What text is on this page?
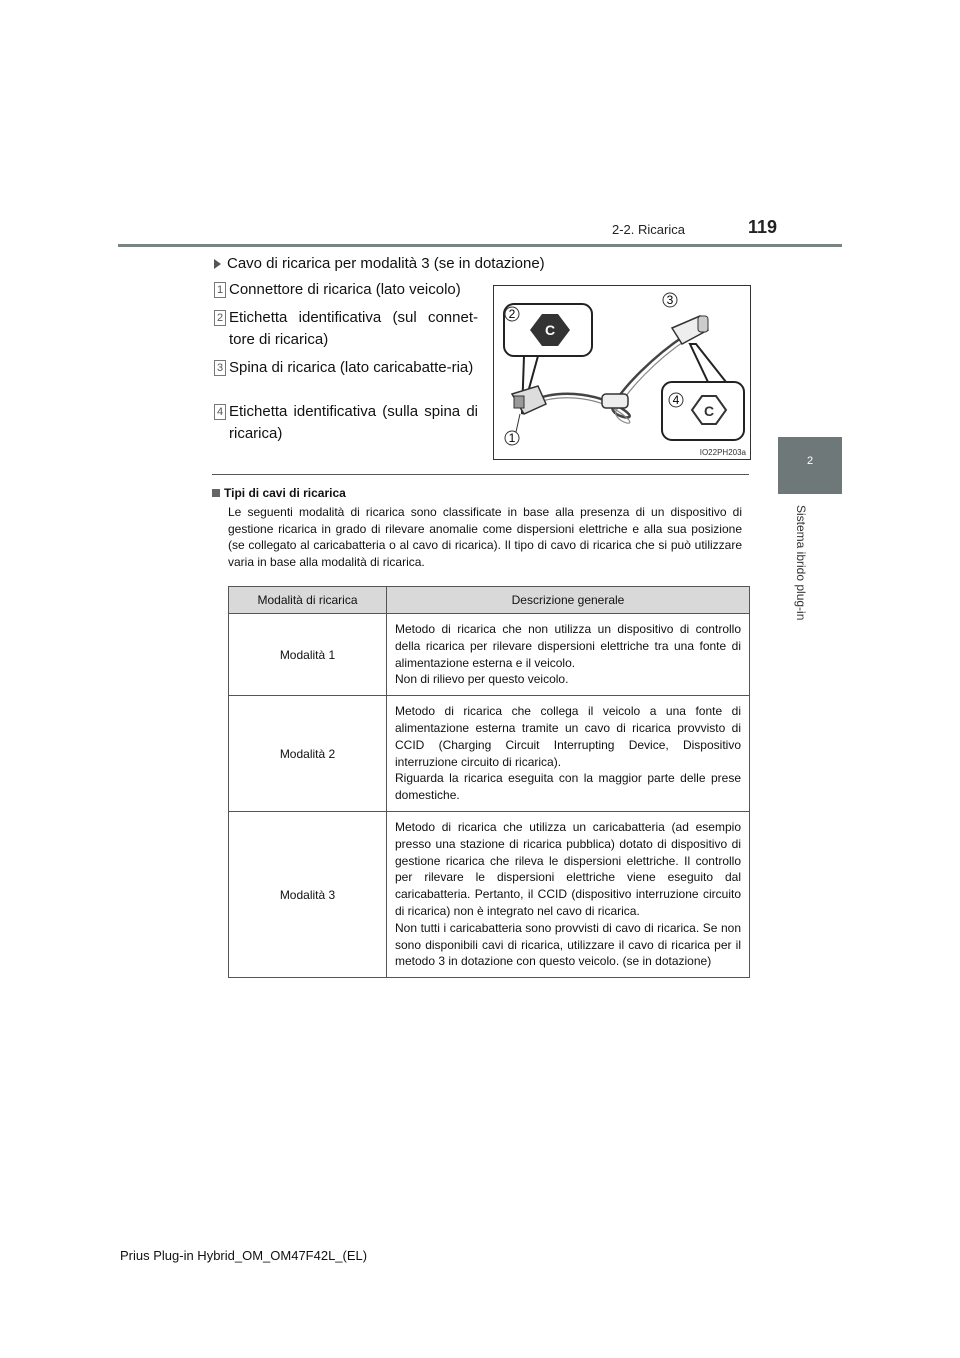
2-2. Ricarica	119
2
Sistema ibrido plug-in
Cavo di ricarica per modalità 3 (se in dotazione)
1 Connettore di ricarica (lato veicolo)
2 Etichetta identificativa (sul connet-tore di ricarica)
3 Spina di ricarica (lato caricabatte-ria)
4 Etichetta identificativa (sulla spina di ricarica)
C
C
2
3
4
1
IO22PH203a
Tipi di cavi di ricarica
Le seguenti modalità di ricarica sono classificate in base alla presenza di un dispositivo di gestione ricarica in grado di rilevare anomalie come dispersioni elettriche e alla sua posizione (se collegato al caricabatteria o al cavo di ricarica). Il tipo di cavo di ricarica che si può utilizzare varia in base alla modalità di ricarica.
Modalità di ricarica	Descrizione generale
Modalità 1	Metodo di ricarica che non utilizza un dispositivo di controllo della ricarica per rilevare dispersioni elettriche tra una fonte di alimentazione esterna e il veicolo.
Non di rilievo per questo veicolo.

Modalità 2	Metodo di ricarica che collega il veicolo a una fonte di alimentazione esterna tramite un cavo di ricarica provvisto di CCID (Charging Circuit Interrupting Device, Dispositivo interruzione circuito di ricarica).
Riguarda la ricarica eseguita con la maggior parte delle prese domestiche.

Modalità 3	Metodo di ricarica che utilizza un caricabatteria (ad esempio presso una stazione di ricarica pubblica) dotato di dispositivo di gestione ricarica che rileva le dispersioni elettriche. Il controllo per rilevare le dispersioni elettriche viene eseguito dal caricabatteria. Pertanto, il CCID (dispositivo interruzione circuito di ricarica) non è integrato nel cavo di ricarica.
Non tutti i caricabatteria sono provvisti di cavo di ricarica. Se non sono disponibili cavi di ricarica, utilizzare il cavo di ricarica per il metodo 3 in dotazione con questo veicolo. (se in dotazione)
Prius Plug-in Hybrid_OM_OM47F42L_(EL)
